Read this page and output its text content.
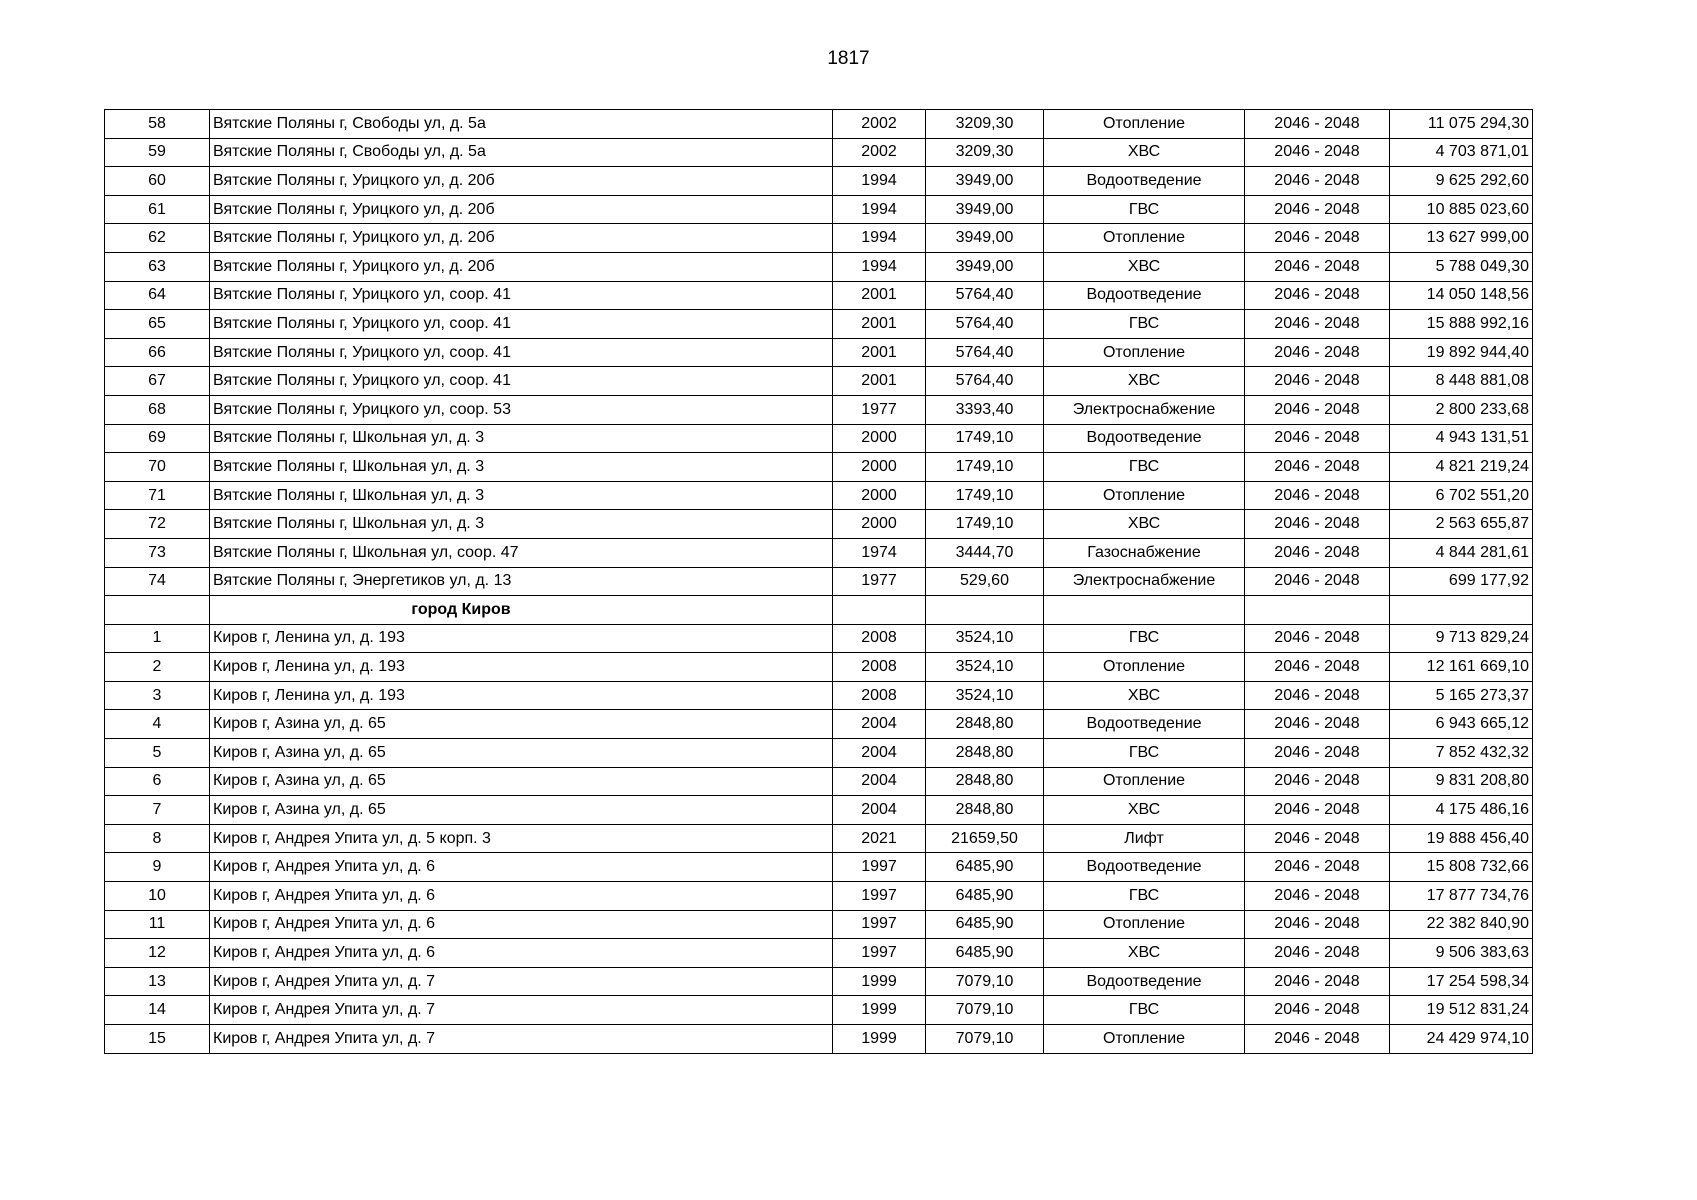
1817
58	Вятские Поляны г, Свободы ул, д. 5а	2002	3209,30	Отопление	2046 - 2048	11 075 294,30
59	Вятские Поляны г, Свободы ул, д. 5а	2002	3209,30	ХВС	2046 - 2048	4 703 871,01
60	Вятские Поляны г, Урицкого ул, д. 20б	1994	3949,00	Водоотведение	2046 - 2048	9 625 292,60
61	Вятские Поляны г, Урицкого ул, д. 20б	1994	3949,00	ГВС	2046 - 2048	10 885 023,60
62	Вятские Поляны г, Урицкого ул, д. 20б	1994	3949,00	Отопление	2046 - 2048	13 627 999,00
63	Вятские Поляны г, Урицкого ул, д. 20б	1994	3949,00	ХВС	2046 - 2048	5 788 049,30
64	Вятские Поляны г, Урицкого ул, соор. 41	2001	5764,40	Водоотведение	2046 - 2048	14 050 148,56
65	Вятские Поляны г, Урицкого ул, соор. 41	2001	5764,40	ГВС	2046 - 2048	15 888 992,16
66	Вятские Поляны г, Урицкого ул, соор. 41	2001	5764,40	Отопление	2046 - 2048	19 892 944,40
67	Вятские Поляны г, Урицкого ул, соор. 41	2001	5764,40	ХВС	2046 - 2048	8 448 881,08
68	Вятские Поляны г, Урицкого ул, соор. 53	1977	3393,40	Электроснабжение	2046 - 2048	2 800 233,68
69	Вятские Поляны г, Школьная ул, д. 3	2000	1749,10	Водоотведение	2046 - 2048	4 943 131,51
70	Вятские Поляны г, Школьная ул, д. 3	2000	1749,10	ГВС	2046 - 2048	4 821 219,24
71	Вятские Поляны г, Школьная ул, д. 3	2000	1749,10	Отопление	2046 - 2048	6 702 551,20
72	Вятские Поляны г, Школьная ул, д. 3	2000	1749,10	ХВС	2046 - 2048	2 563 655,87
73	Вятские Поляны г, Школьная ул, соор. 47	1974	3444,70	Газоснабжение	2046 - 2048	4 844 281,61
74	Вятские Поляны г, Энергетиков ул, д. 13	1977	529,60	Электроснабжение	2046 - 2048	699 177,92
	город Киров					
1	Киров г, Ленина ул, д. 193	2008	3524,10	ГВС	2046 - 2048	9 713 829,24
2	Киров г, Ленина ул, д. 193	2008	3524,10	Отопление	2046 - 2048	12 161 669,10
3	Киров г, Ленина ул, д. 193	2008	3524,10	ХВС	2046 - 2048	5 165 273,37
4	Киров г, Азина ул, д. 65	2004	2848,80	Водоотведение	2046 - 2048	6 943 665,12
5	Киров г, Азина ул, д. 65	2004	2848,80	ГВС	2046 - 2048	7 852 432,32
6	Киров г, Азина ул, д. 65	2004	2848,80	Отопление	2046 - 2048	9 831 208,80
7	Киров г, Азина ул, д. 65	2004	2848,80	ХВС	2046 - 2048	4 175 486,16
8	Киров г, Андрея Упита ул, д. 5 корп. 3	2021	21659,50	Лифт	2046 - 2048	19 888 456,40
9	Киров г, Андрея Упита ул, д. 6	1997	6485,90	Водоотведение	2046 - 2048	15 808 732,66
10	Киров г, Андрея Упита ул, д. 6	1997	6485,90	ГВС	2046 - 2048	17 877 734,76
11	Киров г, Андрея Упита ул, д. 6	1997	6485,90	Отопление	2046 - 2048	22 382 840,90
12	Киров г, Андрея Упита ул, д. 6	1997	6485,90	ХВС	2046 - 2048	9 506 383,63
13	Киров г, Андрея Упита ул, д. 7	1999	7079,10	Водоотведение	2046 - 2048	17 254 598,34
14	Киров г, Андрея Упита ул, д. 7	1999	7079,10	ГВС	2046 - 2048	19 512 831,24
15	Киров г, Андрея Упита ул, д. 7	1999	7079,10	Отопление	2046 - 2048	24 429 974,10
